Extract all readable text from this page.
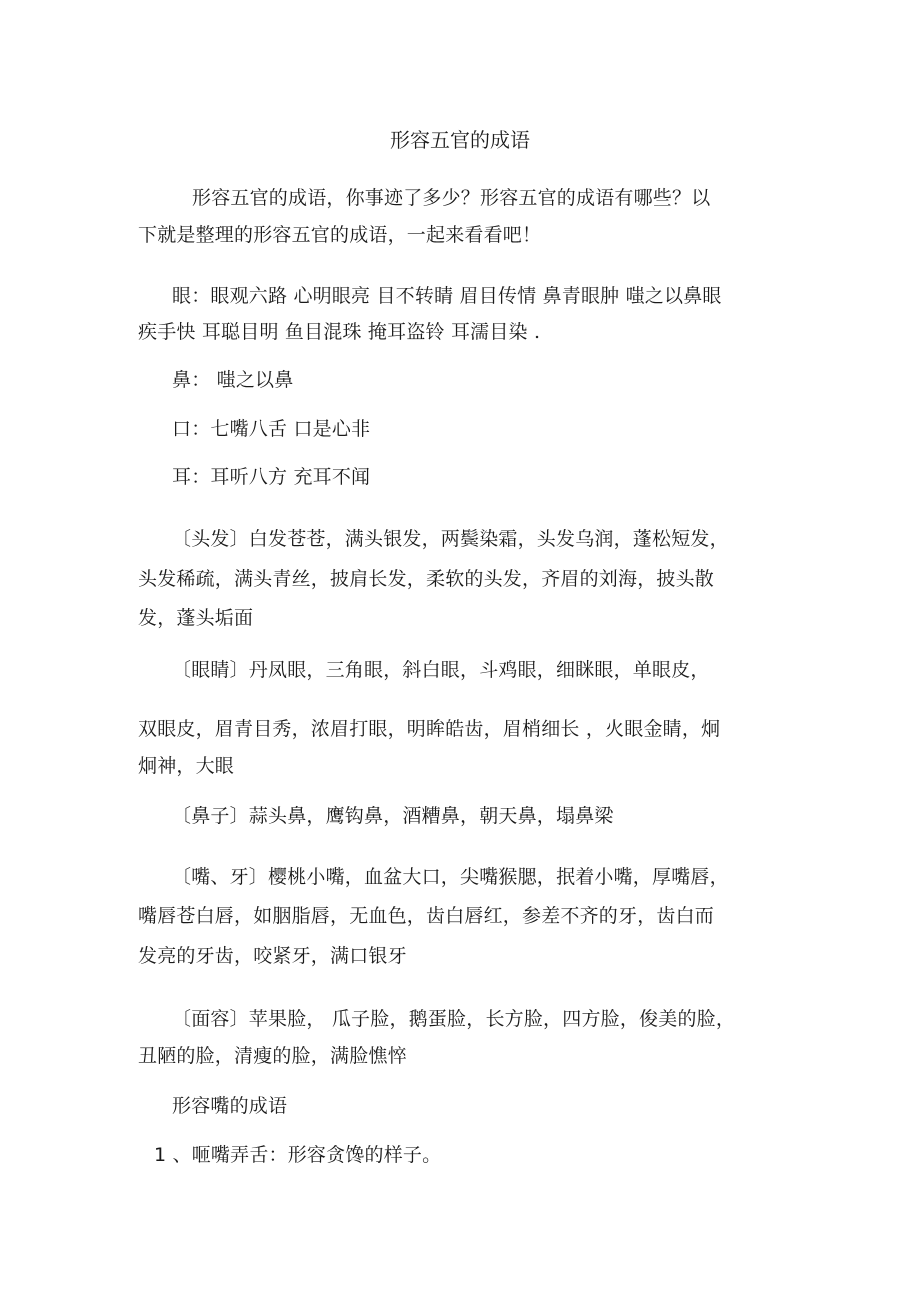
形容五官的成语
形容五官的成语，你事迹了多少？形容五官的成语有哪些？以
下就是整理的形容五官的成语，一起来看看吧！
眼：眼观六路 心明眼亮 目不转睛 眉目传情 鼻青眼肿 嗤之以鼻眼
疾手快 耳聪目明 鱼目混珠 掩耳盗铃 耳濡目染 .
鼻： 嗤之以鼻
口：七嘴八舌 口是心非
耳：耳听八方 充耳不闻
〔头发〕白发苍苍，满头银发，两鬓染霜，头发乌润，蓬松短发，
头发稀疏，满头青丝，披肩长发，柔软的头发，齐眉的刘海，披头散
发，蓬头垢面
〔眼睛〕丹凤眼，三角眼，斜白眼，斗鸡眼，细眯眼，单眼皮，
双眼皮，眉青目秀，浓眉打眼，明眸皓齿，眉梢细长 ，火眼金睛，炯
炯神，大眼
〔鼻子〕蒜头鼻，鹰钩鼻，酒糟鼻，朝天鼻，塌鼻梁
〔嘴、牙〕樱桃小嘴，血盆大口，尖嘴猴腮，抿着小嘴，厚嘴唇，
嘴唇苍白唇，如胭脂唇，无血色，齿白唇红，参差不齐的牙，齿白而
发亮的牙齿，咬紧牙，满口银牙
〔面容〕苹果脸， 瓜子脸，鹅蛋脸，长方脸，四方脸，俊美的脸，
丑陋的脸，清瘦的脸，满脸憔悴
形容嘴的成语
1 、咂嘴弄舌：形容贪馋的样子。
